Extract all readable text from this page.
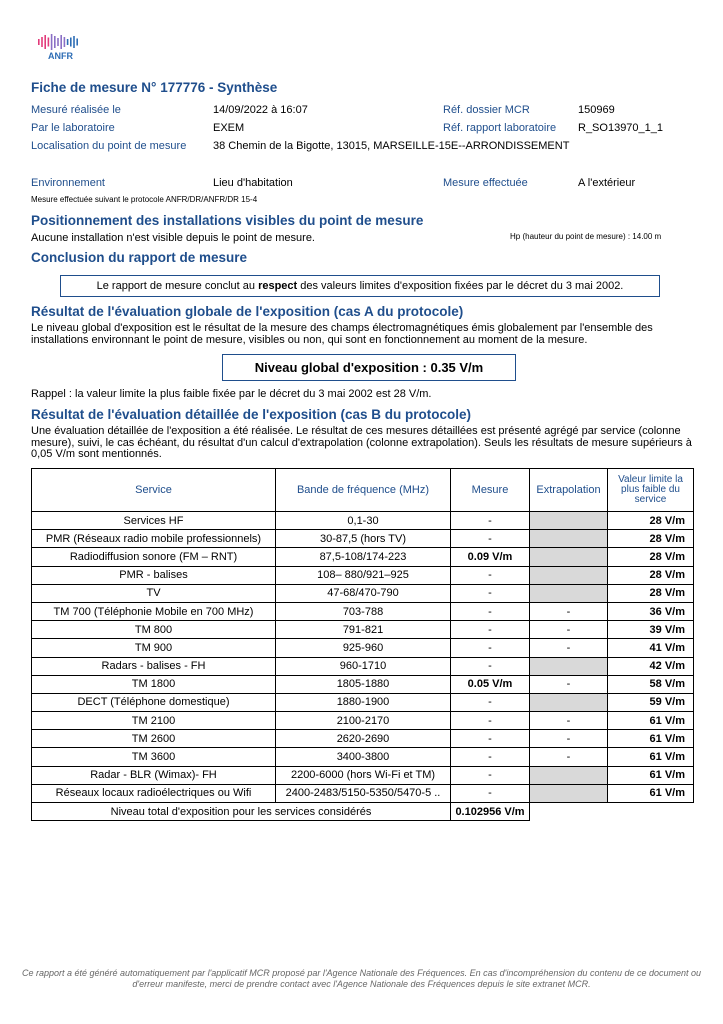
ANFR
Fiche de mesure N° 177776 - Synthèse
Mesuré réalisée le	14/09/2022 à 16:07	Réf. dossier MCR	150969
Par le laboratoire	EXEM	Réf. rapport laboratoire R_SO13970_1_1
Localisation du point de mesure 38 Chemin de la Bigotte, 13015, MARSEILLE-15E--ARRONDISSEMENT
Environnement	Lieu d'habitation	Mesure effectuée	A l'extérieur
Mesure effectuée suivant le protocole ANFR/DR/ANFR/DR 15-4
Positionnement des installations visibles du point de mesure
Aucune installation n'est visible depuis le point de mesure.	Hp (hauteur du point de mesure) : 14.00 m
Conclusion du rapport de mesure
Le rapport de mesure conclut au respect des valeurs limites d'exposition fixées par le décret du 3 mai 2002.
Résultat de l'évaluation globale de l'exposition (cas A du protocole)
Le niveau global d'exposition est le résultat de la mesure des champs électromagnétiques émis globalement par l'ensemble des installations environnant le point de mesure, visibles ou non, qui sont en fonctionnement au moment de la mesure.
Niveau global d'exposition : 0.35 V/m
Rappel : la valeur limite la plus faible fixée par le décret du 3 mai 2002 est 28 V/m.
Résultat de l'évaluation détaillée de l'exposition (cas B du protocole)
Une évaluation détaillée de l'exposition a été réalisée. Le résultat de ces mesures détaillées est présenté agrégé par service (colonne mesure), suivi, le cas échéant, du résultat d'un calcul d'extrapolation (colonne extrapolation). Seuls les résultats de mesure supérieurs à 0,05 V/m sont mentionnés.
Service	Bande de fréquence (MHz)	Mesure	Extrapolation	Valeur limite la plus faible du service
Services HF	0,1-30	-		28 V/m
PMR (Réseaux radio mobile professionnels)	30-87,5 (hors TV)	-		28 V/m
Radiodiffusion sonore (FM – RNT)	87,5-108/174-223	0.09 V/m		28 V/m
PMR - balises	108– 880/921–925	-		28 V/m
TV	47-68/470-790	-		28 V/m
TM 700 (Téléphonie Mobile en 700 MHz)	703-788	-	-	36 V/m
TM 800	791-821	-	-	39 V/m
TM 900	925-960	-	-	41 V/m
Radars - balises - FH	960-1710	-		42 V/m
TM 1800	1805-1880	0.05 V/m	-	58 V/m
DECT (Téléphone domestique)	1880-1900	-		59 V/m
TM 2100	2100-2170	-	-	61 V/m
TM 2600	2620-2690	-	-	61 V/m
TM 3600	3400-3800	-	-	61 V/m
Radar - BLR (Wimax)- FH	2200-6000 (hors Wi-Fi et TM)	-		61 V/m
Réseaux locaux radioélectriques ou Wifi	2400-2483/5150-5350/5470-5 ..	-		61 V/m
Niveau total d'exposition pour les services considérés		0.102956 V/m		
Ce rapport a été généré automatiquement par l'applicatif MCR proposé par l'Agence Nationale des Fréquences. En cas d'incompréhension du contenu de ce document ou d'erreur manifeste, merci de prendre contact avec l'Agence Nationale des Fréquences depuis le site extranet MCR.
